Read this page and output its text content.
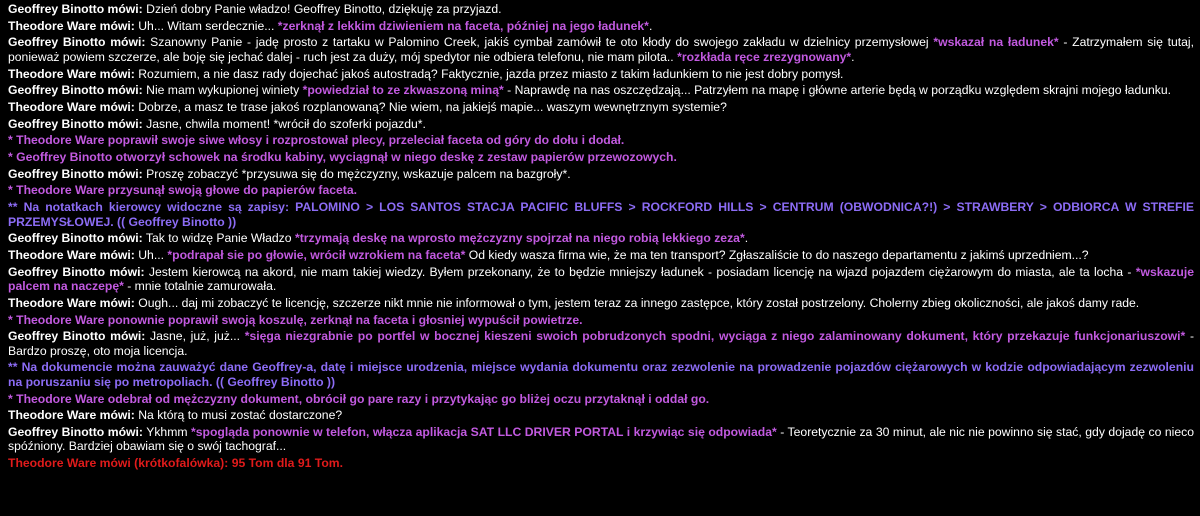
Geoffrey Binotto mówi: Dzień dobry Panie władzo! Geoffrey Binotto, dziękuję za przyjazd.
Theodore Ware mówi: Uh... Witam serdecznie... *zerknął z lekkim dziwieniem na faceta, później na jego ładunek*.
Geoffrey Binotto mówi: Szanowny Panie - jadę prosto z tartaku w Palomino Creek, jakiś cymbał zamówił te oto kłody do swojego zakładu w dzielnicy przemysłowej *wskazał na ładunek* - Zatrzymałem się tutaj, ponieważ powiem szczerze, ale boję się jechać dalej - ruch jest za duży, mój spedytor nie odbiera telefonu, nie mam pilota.. *rozkłada ręce zrezygnowany*.
Theodore Ware mówi: Rozumiem, a nie dasz rady dojechać jakoś autostradą? Faktycznie, jazda przez miasto z takim ładunkiem to nie jest dobry pomysł.
Geoffrey Binotto mówi: Nie mam wykupionej winiety *powiedział to ze zkwaszoną miną* - Naprawdę na nas oszczędzają... Patrzyłem na mapę i główne arterie będą w porządku względem skrajni mojego ładunku.
Theodore Ware mówi: Dobrze, a masz te trase jakoś rozplanowaną? Nie wiem, na jakiejś mapie... waszym wewnętrznym systemie?
Geoffrey Binotto mówi: Jasne, chwila moment! *wrócił do szoferki pojazdu*.
* Theodore Ware poprawił swoje siwe włosy i rozprostował plecy, przeleciał faceta od góry do dołu i dodał.
* Geoffrey Binotto otworzył schowek na środku kabiny, wyciągnął w niego deskę z zestaw papierów przewozowych.
Geoffrey Binotto mówi: Proszę zobaczyć *przysuwa się do mężczyzny, wskazuje palcem na bazgroły*.
* Theodore Ware przysunął swoją głowe do papierów faceta.
** Na notatkach kierowcy widoczne są zapisy: PALOMINO > LOS SANTOS STACJA PACIFIC BLUFFS > ROCKFORD HILLS > CENTRUM (OBWODNICA?!) > STRAWBERY > ODBIORCA W STREFIE PRZEMYSŁOWEJ. (( Geoffrey Binotto ))
Geoffrey Binotto mówi: Tak to widzę Panie Władzo *trzymają deskę na wprosto mężczyzny spojrzał na niego robią lekkiego zeza*.
Theodore Ware mówi: Uh... *podrapał sie po głowie, wrócił wzrokiem na faceta* Od kiedy wasza firma wie, że ma ten transport? Zgłaszaliście to do naszego departamentu z jakimś uprzedniem...?
Geoffrey Binotto mówi: Jestem kierowcą na akord, nie mam takiej wiedzy. Byłem przekonany, że to będzie mniejszy ładunek - posiadam licencję na wjazd pojazdem ciężarowym do miasta, ale ta locha - *wskazuje palcem na naczepę* - mnie totalnie zamurowała.
Theodore Ware mówi: Ough... daj mi zobaczyć te licencję, szczerze nikt mnie nie informował o tym, jestem teraz za innego zastępce, który został postrzelony. Cholerny zbieg okoliczności, ale jakoś damy rade.
* Theodore Ware ponownie poprawił swoją koszulę, zerknął na faceta i głosniej wypuścił powietrze.
Geoffrey Binotto mówi: Jasne, już, już... *sięga niezgrabnie po portfel w bocznej kieszeni swoich pobrudzonych spodni, wyciąga z niego zalaminowany dokument, który przekazuje funkcjonariuszowi* - Bardzo proszę, oto moja licencja.
** Na dokumencie można zauważyć dane Geoffrey-a, datę i miejsce urodzenia, miejsce wydania dokumentu oraz zezwolenie na prowadzenie pojazdów ciężarowych w kodzie odpowiadającym zezwoleniu na poruszaniu się po metropoliach. (( Geoffrey Binotto ))
* Theodore Ware odebrał od mężczyzny dokument, obrócił go pare razy i przytykając go bliżej oczu przytaknął i oddał go.
Theodore Ware mówi: Na którą to musi zostać dostarczone?
Geoffrey Binotto mówi: Ykhmm *spogląda ponownie w telefon, włącza aplikacja SAT LLC DRIVER PORTAL i krzywiąc się odpowiada* - Teoretycznie za 30 minut, ale nic nie powinno się stać, gdy dojadę co nieco spóźniony. Bardziej obawiam się o swój tachograf...
Theodore Ware mówi (krótkofalówka): 95 Tom dla 91 Tom.
